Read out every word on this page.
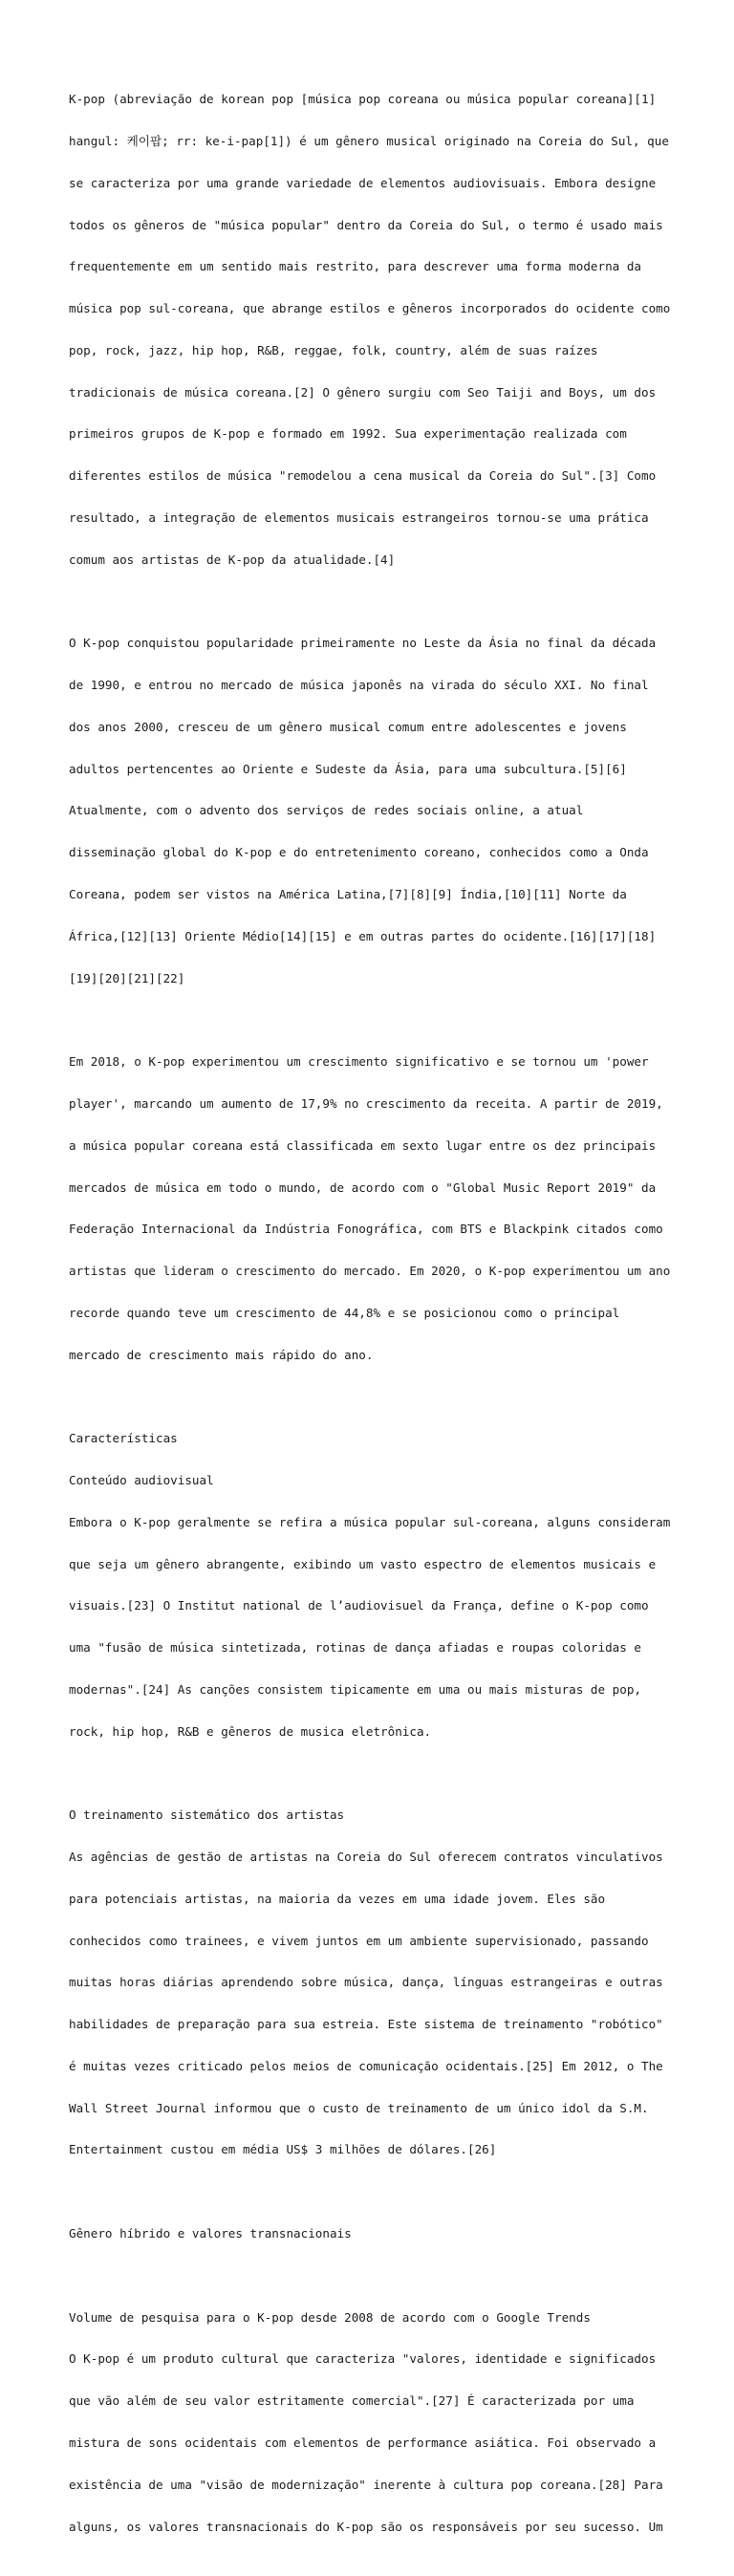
K-pop (abreviação de korean pop [música pop coreana ou música popular coreana][1]

hangul: 케이팝; rr: ke-i-pap[1]) é um gênero musical originado na Coreia do Sul, que

se caracteriza por uma grande variedade de elementos audiovisuais. Embora designe

todos os gêneros de "música popular" dentro da Coreia do Sul, o termo é usado mais

frequentemente em um sentido mais restrito, para descrever uma forma moderna da

música pop sul-coreana, que abrange estilos e gêneros incorporados do ocidente como

pop, rock, jazz, hip hop, R&B, reggae, folk, country, além de suas raízes

tradicionais de música coreana.[2] O gênero surgiu com Seo Taiji and Boys, um dos

primeiros grupos de K-pop e formado em 1992. Sua experimentação realizada com

diferentes estilos de música "remodelou a cena musical da Coreia do Sul".[3] Como

resultado, a integração de elementos musicais estrangeiros tornou-se uma prática

comum aos artistas de K-pop da atualidade.[4]

O K-pop conquistou popularidade primeiramente no Leste da Ásia no final da década

de 1990, e entrou no mercado de música japonês na virada do século XXI. No final

dos anos 2000, cresceu de um gênero musical comum entre adolescentes e jovens

adultos pertencentes ao Oriente e Sudeste da Ásia, para uma subcultura.[5][6]

Atualmente, com o advento dos serviços de redes sociais online, a atual

disseminação global do K-pop e do entretenimento coreano, conhecidos como a Onda

Coreana, podem ser vistos na América Latina,[7][8][9] Índia,[10][11] Norte da

África,[12][13] Oriente Médio[14][15] e em outras partes do ocidente.[16][17][18]

[19][20][21][22]

Em 2018, o K-pop experimentou um crescimento significativo e se tornou um 'power

player', marcando um aumento de 17,9% no crescimento da receita. A partir de 2019,

a música popular coreana está classificada em sexto lugar entre os dez principais

mercados de música em todo o mundo, de acordo com o "Global Music Report 2019" da

Federação Internacional da Indústria Fonográfica, com BTS e Blackpink citados como

artistas que lideram o crescimento do mercado. Em 2020, o K-pop experimentou um ano

recorde quando teve um crescimento de 44,8% e se posicionou como o principal

mercado de crescimento mais rápido do ano.

Características

Conteúdo audiovisual

Embora o K-pop geralmente se refira a música popular sul-coreana, alguns consideram

que seja um gênero abrangente, exibindo um vasto espectro de elementos musicais e

visuais.[23] O Institut national de l’audiovisuel da França, define o K-pop como

uma "fusão de música sintetizada, rotinas de dança afiadas e roupas coloridas e

modernas".[24] As canções consistem tipicamente em uma ou mais misturas de pop,

rock, hip hop, R&B e gêneros de musica eletrônica.

O treinamento sistemático dos artistas

As agências de gestão de artistas na Coreia do Sul oferecem contratos vinculativos

para potenciais artistas, na maioria da vezes em uma idade jovem. Eles são

conhecidos como trainees, e vivem juntos em um ambiente supervisionado, passando

muitas horas diárias aprendendo sobre música, dança, línguas estrangeiras e outras

habilidades de preparação para sua estreia. Este sistema de treinamento "robótico"

é muitas vezes criticado pelos meios de comunicação ocidentais.[25] Em 2012, o The

Wall Street Journal informou que o custo de treinamento de um único idol da S.M.

Entertainment custou em média US$ 3 milhões de dólares.[26]

Gênero híbrido e valores transnacionais

Volume de pesquisa para o K-pop desde 2008 de acordo com o Google Trends

O K-pop é um produto cultural que caracteriza "valores, identidade e significados

que vão além de seu valor estritamente comercial".[27] É caracterizada por uma

mistura de sons ocidentais com elementos de performance asiática. Foi observado a

existência de uma "visão de modernização" inerente à cultura pop coreana.[28] Para

alguns, os valores transnacionais do K-pop são os responsáveis por seu sucesso. Um
